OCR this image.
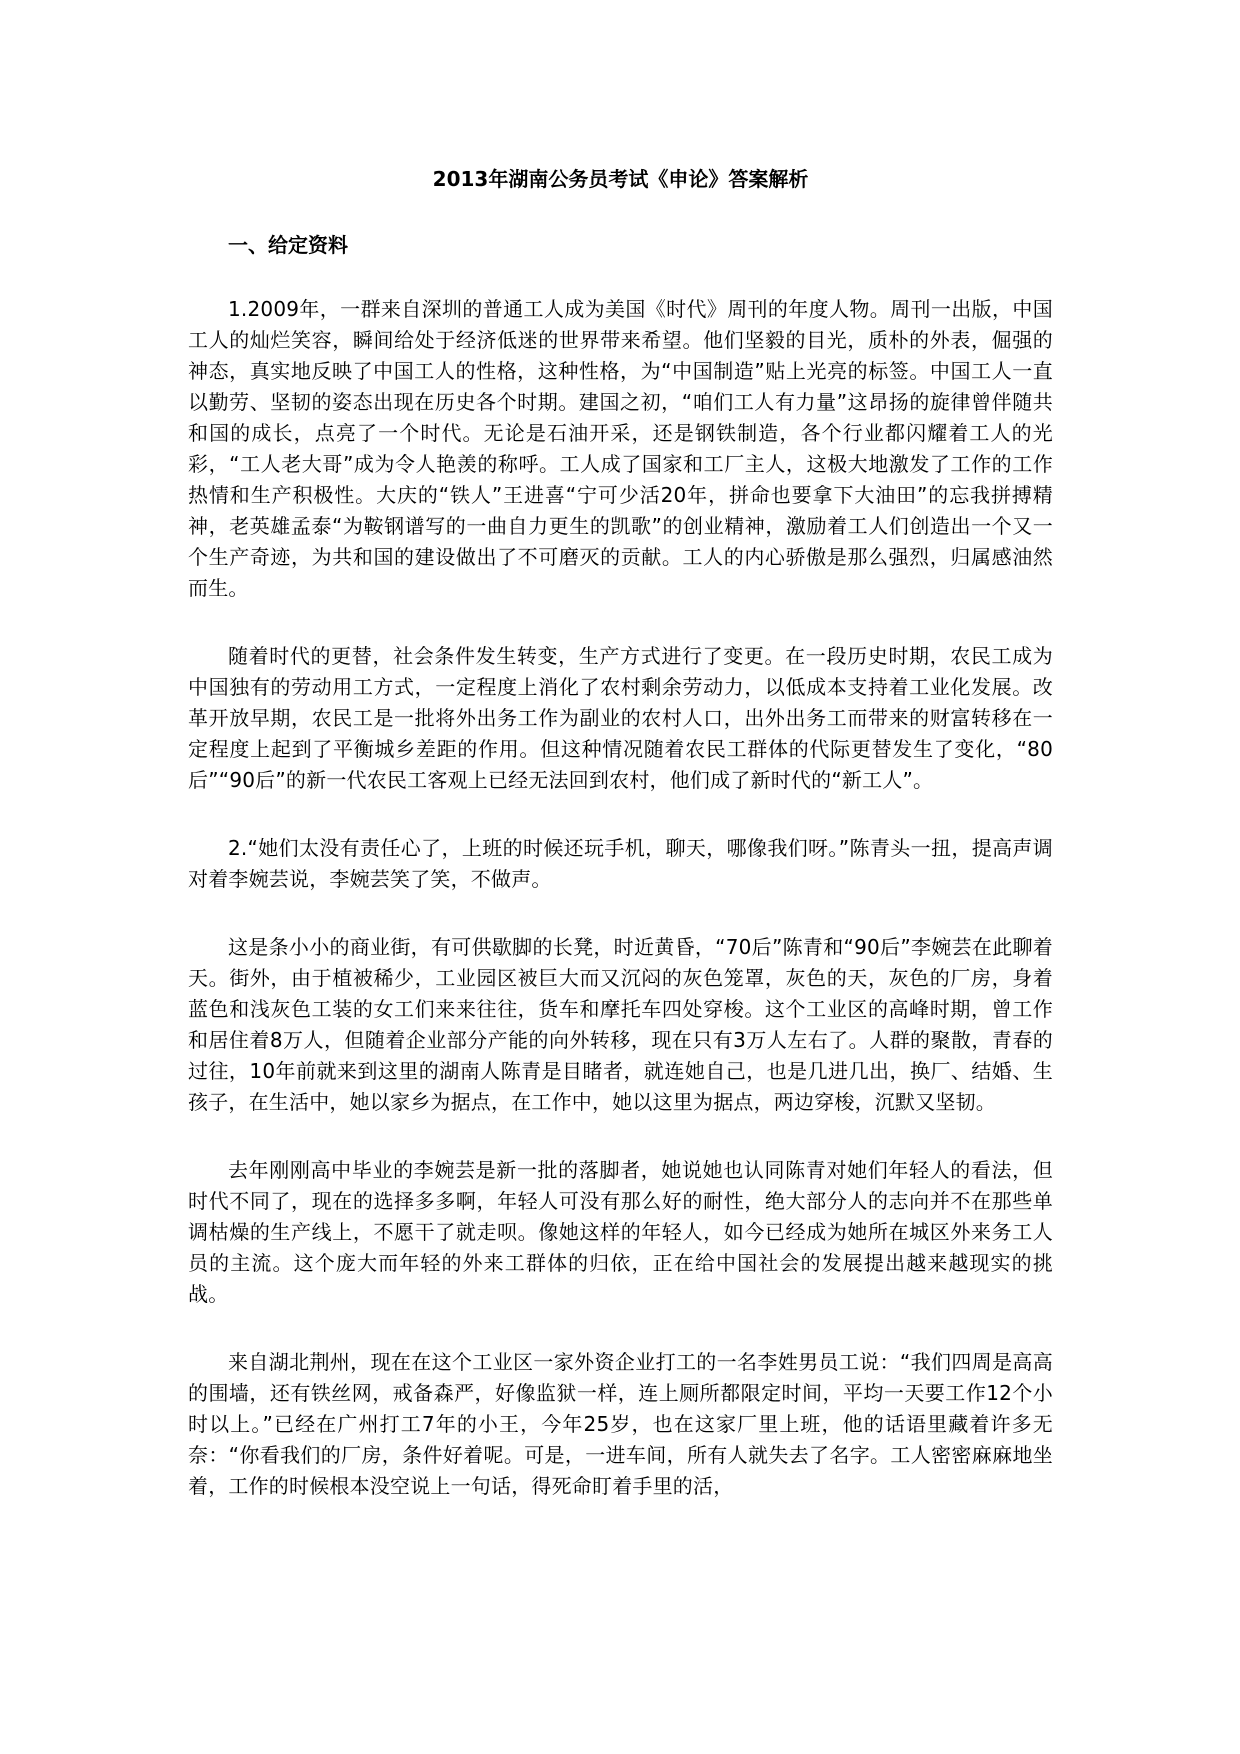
2013年湖南公务员考试《申论》答案解析
一、给定资料

1.2009年，一群来自深圳的普通工人成为美国《时代》周刊的年度人物。周刊一出版，中国工人的灿烂笑容，瞬间给处于经济低迷的世界带来希望。他们坚毅的目光，质朴的外表，倔强的神态，真实地反映了中国工人的性格，这种性格，为“中国制造”贴上光亮的标签。中国工人一直以勤劳、坚韧的姿态出现在历史各个时期。建国之初，“咱们工人有力量”这昂扬的旋律曾伴随共和国的成长，点亮了一个时代。无论是石油开采，还是钢铁制造，各个行业都闪耀着工人的光彩，“工人老大哥”成为令人艳羡的称呼。工人成了国家和工厂主人，这极大地激发了工作的工作热情和生产积极性。大庆的“铁人”王进喜“宁可少活20年，拼命也要拿下大油田”的忘我拼搏精神，老英雄孟泰“为鞍钢谱写的一曲自力更生的凯歌”的创业精神，激励着工人们创造出一个又一个生产奇迹，为共和国的建设做出了不可磨灭的贡献。工人的内心骄傲是那么强烈，归属感油然而生。

随着时代的更替，社会条件发生转变，生产方式进行了变更。在一段历史时期，农民工成为中国独有的劳动用工方式，一定程度上消化了农村剩余劳动力，以低成本支持着工业化发展。改革开放早期，农民工是一批将外出务工作为副业的农村人口，出外出务工而带来的财富转移在一定程度上起到了平衡城乡差距的作用。但这种情况随着农民工群体的代际更替发生了变化，“80后”“90后”的新一代农民工客观上已经无法回到农村，他们成了新时代的“新工人”。

2.“她们太没有责任心了，上班的时候还玩手机，聊天，哪像我们呀。”陈青头一扭，提高声调对着李婉芸说，李婉芸笑了笑，不做声。

这是条小小的商业街，有可供歇脚的长凳，时近黄昏，“70后”陈青和“90后”李婉芸在此聊着天。街外，由于植被稀少，工业园区被巨大而又沉闷的灰色笼罩，灰色的天，灰色的厂房，身着蓝色和浅灰色工装的女工们来来往往，货车和摩托车四处穿梭。这个工业区的高峰时期，曾工作和居住着8万人，但随着企业部分产能的向外转移，现在只有3万人左右了。人群的聚散，青春的过往，10年前就来到这里的湖南人陈青是目睹者，就连她自己，也是几进几出，换厂、结婚、生孩子，在生活中，她以家乡为据点，在工作中，她以这里为据点，两边穿梭，沉默又坚韧。

去年刚刚高中毕业的李婉芸是新一批的落脚者，她说她也认同陈青对她们年轻人的看法，但时代不同了，现在的选择多多啊，年轻人可没有那么好的耐性，绝大部分人的志向并不在那些单调枯燥的生产线上，不愿干了就走呗。像她这样的年轻人，如今已经成为她所在城区外来务工人员的主流。这个庞大而年轻的外来工群体的归依，正在给中国社会的发展提出越来越现实的挑战。

来自湖北荆州，现在在这个工业区一家外资企业打工的一名李姓男员工说：“我们四周是高高的围墙，还有铁丝网，戒备森严，好像监狱一样，连上厕所都限定时间，平均一天要工作12个小时以上。”已经在广州打工7年的小王，今年25岁，也在这家厂里上班，他的话语里藏着许多无奈：“你看我们的厂房，条件好着呢。可是，一进车间，所有人就失去了名字。工人密密麻麻地坐着，工作的时候根本没空说上一句话，得死命盯着手里的活，
